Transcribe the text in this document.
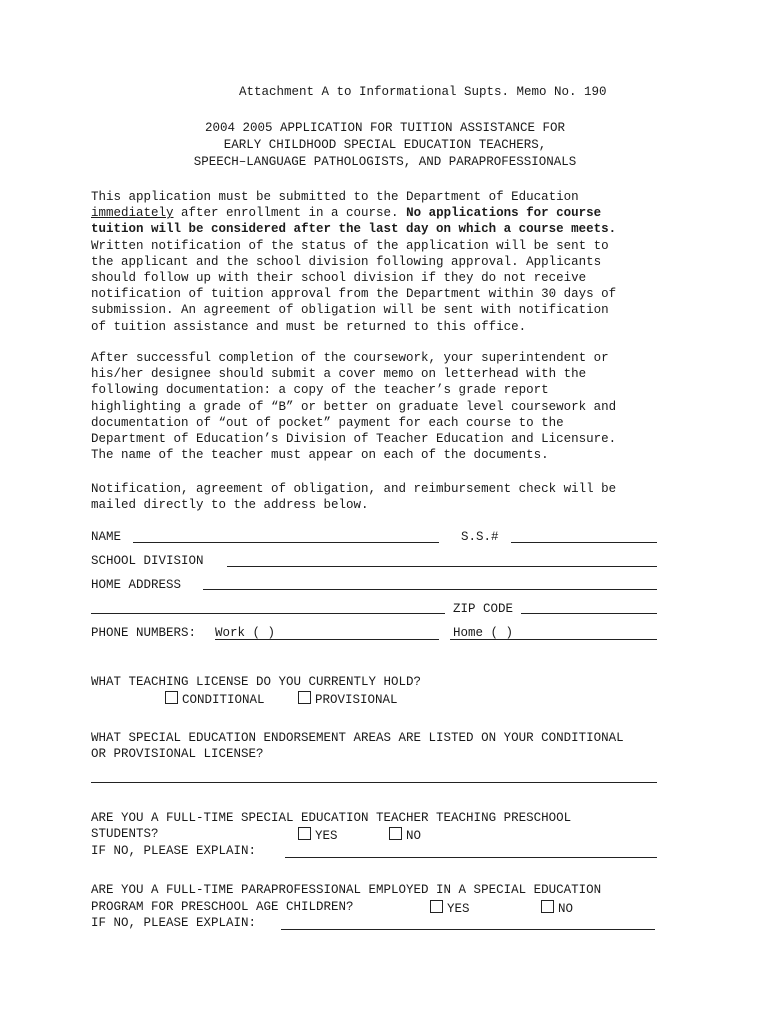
Attachment A to Informational Supts. Memo No. 190
2004 2005 APPLICATION FOR TUITION ASSISTANCE FOR
EARLY CHILDHOOD SPECIAL EDUCATION TEACHERS,
SPEECH–LANGUAGE PATHOLOGISTS, AND PARAPROFESSIONALS
This application must be submitted to the Department of Education
immediately after enrollment in a course. No applications for course
tuition will be considered after the last day on which a course meets.
Written notification of the status of the application will be sent to
the applicant and the school division following approval. Applicants
should follow up with their school division if they do not receive
notification of tuition approval from the Department within 30 days of
submission. An agreement of obligation will be sent with notification
of tuition assistance and must be returned to this office.
After successful completion of the coursework, your superintendent or
his/her designee should submit a cover memo on letterhead with the
following documentation: a copy of the teacher’s grade report
highlighting a grade of “B” or better on graduate level coursework and
documentation of “out of pocket” payment for each course to the
Department of Education’s Division of Teacher Education and Licensure.
The name of the teacher must appear on each of the documents.
Notification, agreement of obligation, and reimbursement check will be
mailed directly to the address below.
NAME	S.S.#
SCHOOL DIVISION
HOME ADDRESS
ZIP CODE
PHONE NUMBERS: Work ( )	Home ( )
WHAT TEACHING LICENSE DO YOU CURRENTLY HOLD?
CONDITIONAL	PROVISIONAL
WHAT SPECIAL EDUCATION ENDORSEMENT AREAS ARE LISTED ON YOUR CONDITIONAL
OR PROVISIONAL LICENSE?
ARE YOU A FULL-TIME SPECIAL EDUCATION TEACHER TEACHING PRESCHOOL
STUDENTS?	YES	NO
IF NO, PLEASE EXPLAIN:
ARE YOU A FULL-TIME PARAPROFESSIONAL EMPLOYED IN A SPECIAL EDUCATION
PROGRAM FOR PRESCHOOL AGE CHILDREN?	YES	NO
IF NO, PLEASE EXPLAIN:
